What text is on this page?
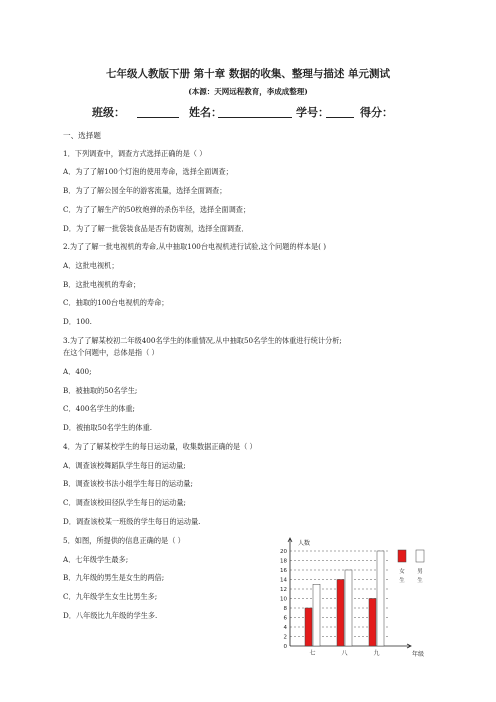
七年级人教版下册 第十章 数据的收集、整理与描述 单元测试
(本源：天网远程教育，李成成整理)
班级：	姓名：	学号：	得分：
一、选择题
1．下列调查中，调查方式选择正确的是（ ）
A．为了了解100个灯泡的使用寿命，选择全面调查；
B．为了了解公园全年的游客流量，选择全面调查；
C．为了了解生产的50枚炮弹的杀伤半径，选择全面调查；
D．为了了解一批袋装食品是否有防腐剂，选择全面调查．
2.为了了解一批电视机的寿命,从中抽取100台电视机进行试验,这个问题的样本是( )
A．这批电视机；
B．这批电视机的寿命；
C．抽取的100台电视机的寿命；
D．100.
3.为了了解某校初二年级400名学生的体重情况,从中抽取50名学生的体重进行统计分析;
在这个问题中，总体是指（ ）
A．400;
B．被抽取的50名学生;
C．400名学生的体重;
D．被抽取50名学生的体重.
4．为了了解某校学生的每日运动量，收集数据正确的是（ ）
A．调查该校舞蹈队学生每日的运动量;
B．调查该校书法小组学生每日的运动量;
C．调查该校田径队学生每日的运动量;
D．调查该校某一班级的学生每日的运动量.
5．如图，所提供的信息正确的是（ ）
A．七年级学生最多;
B．九年级的男生是女生的两倍;
C．九年级学生女生比男生多;
D．八年级比九年级的学生多.
2
4
6
8
10
12
14
16
18
20
0
人数
年级
七	八	九
女
生
男
生
